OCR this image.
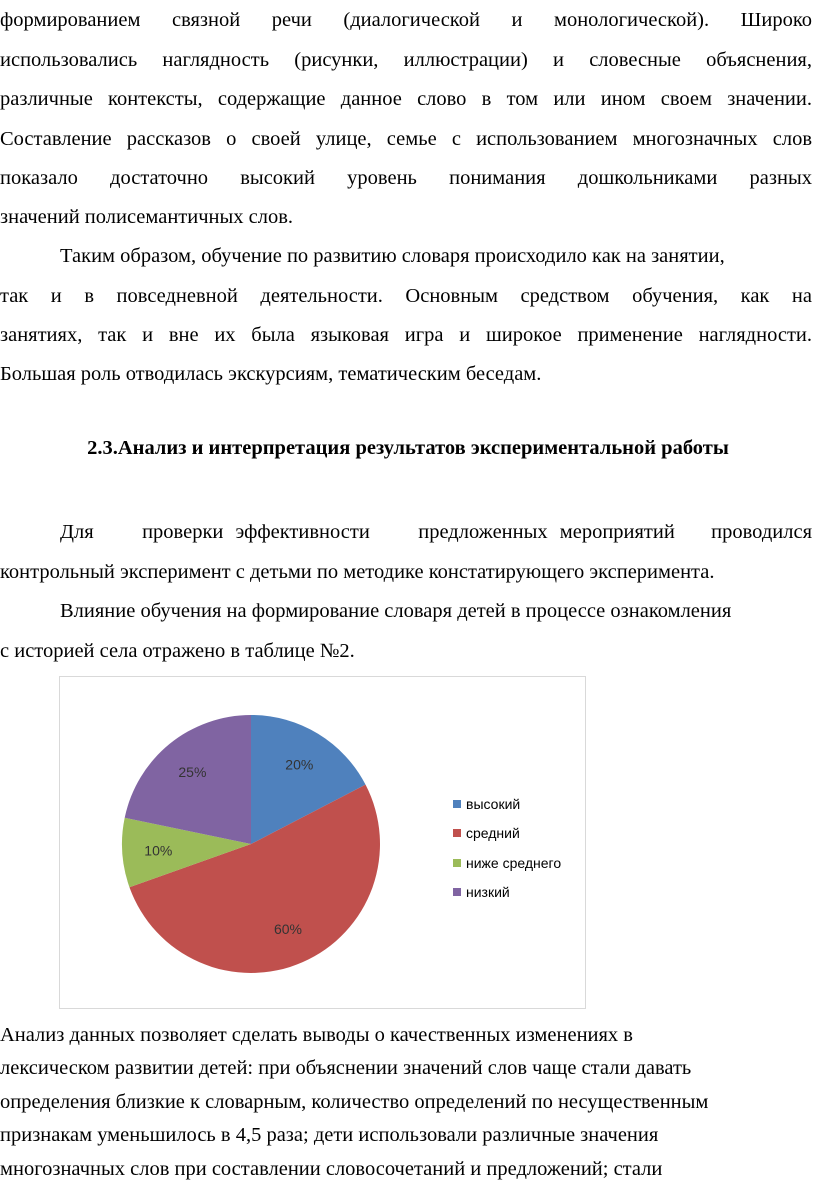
формированием связной речи (диалогической и монологической). Широко
использовались наглядность (рисунки, иллюстрации) и словесные объяснения,
различные контексты, содержащие данное слово в том или ином своем значении.
Составление рассказов о своей улице, семье с использованием многозначных слов
показало достаточно высокий уровень понимания дошкольниками разных
значений полисемантичных слов.
Таким образом, обучение по развитию словаря происходило как на занятии,
так и в повседневной деятельности. Основным средством обучения, как на
занятиях, так и вне их была языковая игра и широкое применение наглядности.
Большая роль отводилась экскурсиям, тематическим беседам.
2.3.Анализ и интерпретация результатов экспериментальной работы
Для    проверки эффективности    предложенных мероприятий   проводился
контрольный эксперимент с детьми по методике констатирующего эксперимента.
Влияние обучения на формирование словаря детей в процессе ознакомления
с историей села отражено в таблице №2.
20%
60%
10%
25%
высокий
средний
ниже среднего
низкий
Анализ данных позволяет сделать выводы о качественных изменениях в
лексическом развитии детей: при объяснении значений слов чаще стали давать
определения близкие к словарным, количество определений по несущественным
признакам уменьшилось в 4,5 раза; дети использовали различные значения
многозначных слов при составлении словосочетаний и предложений; стали
